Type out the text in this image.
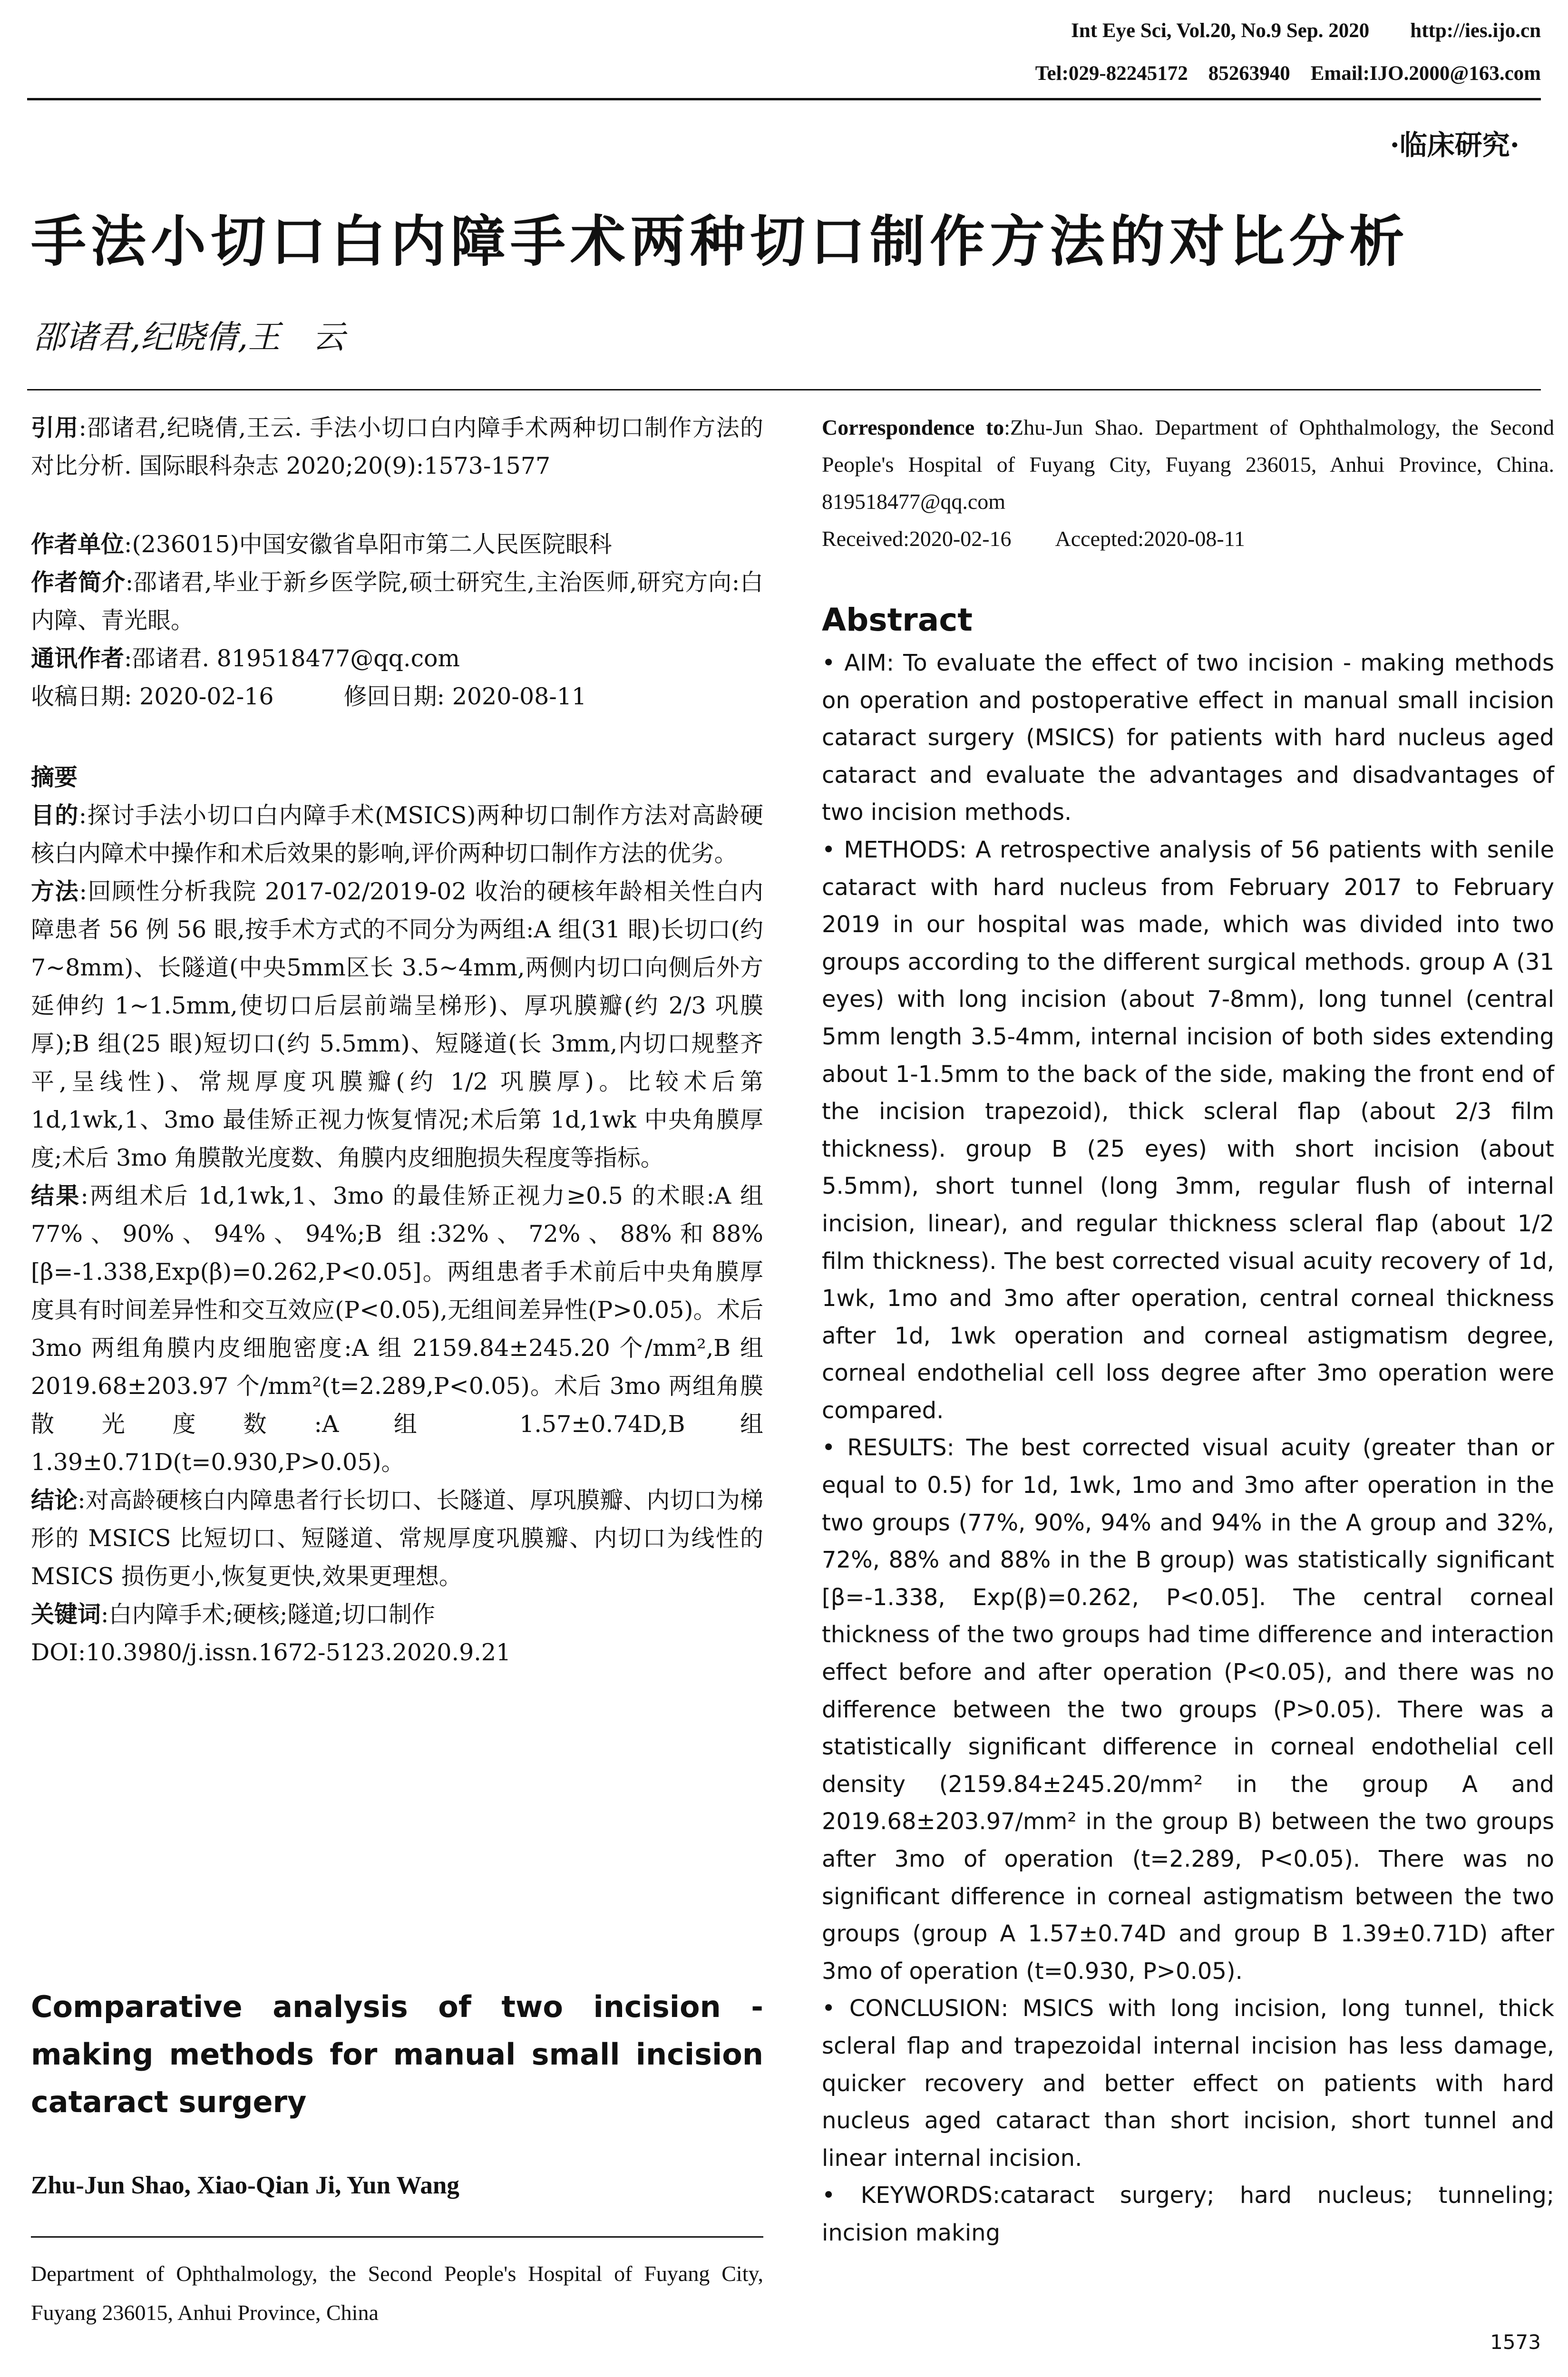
Int Eye Sci, Vol.20, No.9 Sep. 2020        http://ies.ijo.cn
Tel:029-82245172    85263940    Email:IJO.2000@163.com
·临床研究·
手法小切口白内障手术两种切口制作方法的对比分析
邵诸君,纪晓倩,王　云

引用:邵诸君,纪晓倩,王云. 手法小切口白内障手术两种切口制作方法的对比分析. 国际眼科杂志 2020;20(9):1573-1577

作者单位:(236015)中国安徽省阜阳市第二人民医院眼科

作者简介:邵诸君,毕业于新乡医学院,硕士研究生,主治医师,研究方向:白内障、青光眼。

通讯作者:邵诸君. 819518477@qq.com

收稿日期: 2020-02-16   	修回日期: 2020-08-11

摘要

目的:探讨手法小切口白内障手术(MSICS)两种切口制作方法对高龄硬核白内障术中操作和术后效果的影响,评价两种切口制作方法的优劣。

方法:回顾性分析我院 2017-02/2019-02 收治的硬核年龄相关性白内障患者 56 例 56 眼,按手术方式的不同分为两组:A 组(31 眼)长切口(约7~8mm)、长隧道(中央5mm区长 3.5~4mm,两侧内切口向侧后外方延伸约 1~1.5mm,使切口后层前端呈梯形)、厚巩膜瓣(约 2/3 巩膜厚);B 组(25 眼)短切口(约 5.5mm)、短隧道(长 3mm,内切口规整齐平,呈线性)、常规厚度巩膜瓣(约 1/2 巩膜厚)。比较术后第 1d,1wk,1、3mo 最佳矫正视力恢复情况;术后第 1d,1wk 中央角膜厚度;术后 3mo 角膜散光度数、角膜内皮细胞损失程度等指标。

结果:两组术后 1d,1wk,1、3mo 的最佳矫正视力≥0.5 的术眼:A 组 77%、90%、94%、94%;B 组:32%、72%、88%和88%[β=-1.338,Exp(β)=0.262,P<0.05]。两组患者手术前后中央角膜厚度具有时间差异性和交互效应(P<0.05),无组间差异性(P>0.05)。术后 3mo 两组角膜内皮细胞密度:A 组 2159.84±245.20 个/mm²,B 组2019.68±203.97 个/mm²(t=2.289,P<0.05)。术后 3mo 两组角膜散光度数:A 组 1.57±0.74D,B 组 1.39±0.71D(t=0.930,P>0.05)。

结论:对高龄硬核白内障患者行长切口、长隧道、厚巩膜瓣、内切口为梯形的 MSICS 比短切口、短隧道、常规厚度巩膜瓣、内切口为线性的 MSICS 损伤更小,恢复更快,效果更理想。

关键词:白内障手术;硬核;隧道;切口制作

DOI:10.3980/j.issn.1672-5123.2020.9.21

Comparative analysis of two incision - making methods for manual small incision cataract surgery
Zhu-Jun Shao, Xiao-Qian Ji, Yun Wang
Department of Ophthalmology, the Second People's Hospital of Fuyang City, Fuyang 236015, Anhui Province, China

Correspondence to:Zhu-Jun Shao. Department of Ophthalmology, the Second People's Hospital of Fuyang City, Fuyang 236015, Anhui Province, China. 819518477@qq.com

Received:2020-02-16   Accepted:2020-08-11

Abstract

• AIM: To evaluate the effect of two incision - making methods on operation and postoperative effect in manual small incision cataract surgery (MSICS) for patients with hard nucleus aged cataract and evaluate the advantages and disadvantages of two incision methods.

• METHODS: A retrospective analysis of 56 patients with senile cataract with hard nucleus from February 2017 to February 2019 in our hospital was made, which was divided into two groups according to the different surgical methods. group A (31 eyes) with long incision (about 7-8mm), long tunnel (central 5mm length 3.5-4mm, internal incision of both sides extending about 1-1.5mm to the back of the side, making the front end of the incision trapezoid), thick scleral flap (about 2/3 film thickness). group B (25 eyes) with short incision (about 5.5mm), short tunnel (long 3mm, regular flush of internal incision, linear), and regular thickness scleral flap (about 1/2 film thickness). The best corrected visual acuity recovery of 1d, 1wk, 1mo and 3mo after operation, central corneal thickness after 1d, 1wk operation and corneal astigmatism degree, corneal endothelial cell loss degree after 3mo operation were compared.

• RESULTS: The best corrected visual acuity (greater than or equal to 0.5) for 1d, 1wk, 1mo and 3mo after operation in the two groups (77%, 90%, 94% and 94% in the A group and 32%, 72%, 88% and 88% in the B group) was statistically significant [β=-1.338, Exp(β)=0.262, P<0.05]. The central corneal thickness of the two groups had time difference and interaction effect before and after operation (P<0.05), and there was no difference between the two groups (P>0.05). There was a statistically significant difference in corneal endothelial cell density (2159.84±245.20/mm² in the group A and 2019.68±203.97/mm² in the group B) between the two groups after 3mo of operation (t=2.289, P<0.05). There was no significant difference in corneal astigmatism between the two groups (group A 1.57±0.74D and group B 1.39±0.71D) after 3mo of operation (t=0.930, P>0.05).

• CONCLUSION: MSICS with long incision, long tunnel, thick scleral flap and trapezoidal internal incision has less damage, quicker recovery and better effect on patients with hard nucleus aged cataract than short incision, short tunnel and linear internal incision.

• KEYWORDS:cataract surgery; hard nucleus; tunneling; incision making

1573
